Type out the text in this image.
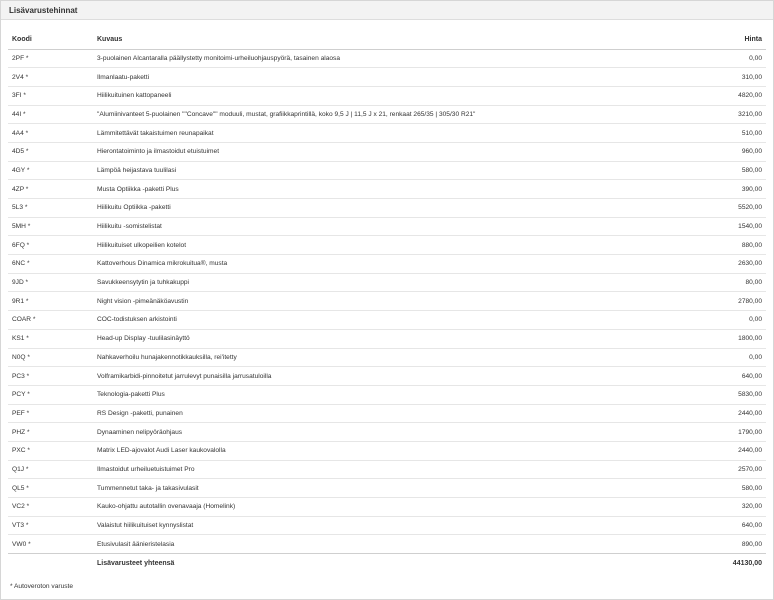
Lisävarustehinnat
Koodi	Kuvaus	Hinta
2PF *	3-puolainen Alcantaralla päällystetty monitoimi-urheiluohjauspyörä, tasainen alaosa	0,00
2V4 *	Ilmanlaatu-paketti	310,00
3FI *	Hiilikuituinen kattopaneeli	4820,00
44I *	"Alumiinivanteet 5-puolainen ""Concave"" moduuli, mustat, grafiikkaprintillä, koko 9,5 J | 11,5 J x 21, renkaat 265/35 | 305/30 R21"	3210,00
4A4 *	Lämmitettävät takaistuimen reunapaikat	510,00
4D5 *	Hierontatoiminto ja ilmastoidut etuistuimet	960,00
4GY *	Lämpöä heijastava tuulilasi	580,00
4ZP *	Musta Optiikka -paketti Plus	390,00
5L3 *	Hiilikuitu Optiikka -paketti	5520,00
5MH *	Hiilikuitu -somistelistat	1540,00
6FQ *	Hiilikuituiset ulkopeilien kotelot	880,00
6NC *	Kattoverhous Dinamica mikrokuitua®, musta	2630,00
9JD *	Savukkeensytytin ja tuhkakuppi	80,00
9R1 *	Night vision -pimeänäköavustin	2780,00
COAR *	COC-todistuksen arkistointi	0,00
KS1 *	Head-up Display -tuulilasinäyttö	1800,00
N0Q *	Nahkaverhoilu hunajakennotikkauksilla, rei'itetty	0,00
PC3 *	Volframikarbidi-pinnoitetut jarrulevyt punaisilla jarrusatuloilla	640,00
PCY *	Teknologia-paketti Plus	5830,00
PEF *	RS Design -paketti, punainen	2440,00
PHZ *	Dynaaminen nelipyöräohjaus	1790,00
PXC *	Matrix LED-ajovalot Audi Laser kaukovalolla	2440,00
Q1J *	Ilmastoidut urheiluetuistuimet Pro	2570,00
QL5 *	Tummennetut taka- ja takasivulasit	580,00
VC2 *	Kauko-ohjattu autotallin ovenavaaja (Homelink)	320,00
VT3 *	Valaistut hiilikuituiset kynnyslistat	640,00
VW0 *	Etusivulasit äänieristelasia	890,00
	Lisävarusteet yhteensä	44130,00
* Autoveroton varuste
